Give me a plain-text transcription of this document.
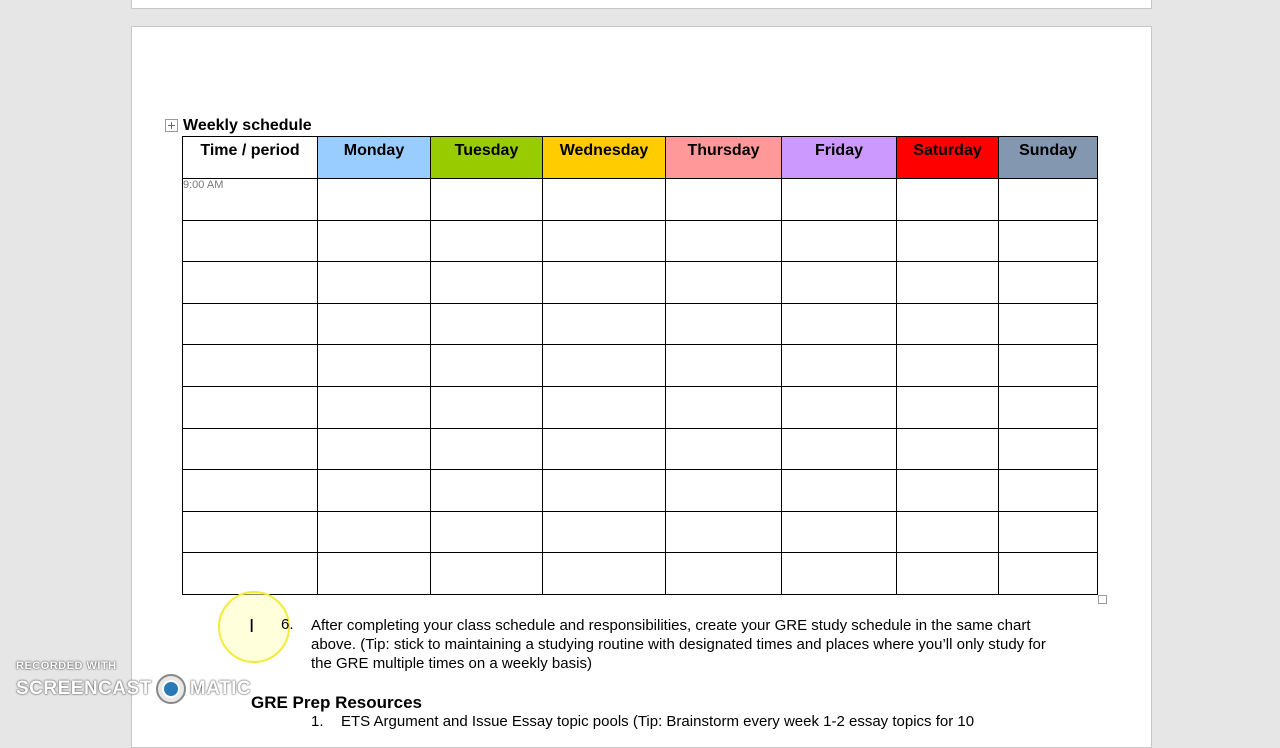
+ Weekly schedule
Time / period	Monday	Tuesday	Wednesday	Thursday	Friday	Saturday	Sunday
9:00 AM							

6. After completing your class schedule and responsibilities, create your GRE study schedule in the same chart above. (Tip: stick to maintaining a studying routine with designated times and places where you’ll only study for the GRE multiple times on a weekly basis)
I
GRE Prep Resources
1. ETS Argument and Issue Essay topic pools (Tip: Brainstorm every week 1-2 essay topics for 10
RECORDED WITH
SCREENCAST MATIC
